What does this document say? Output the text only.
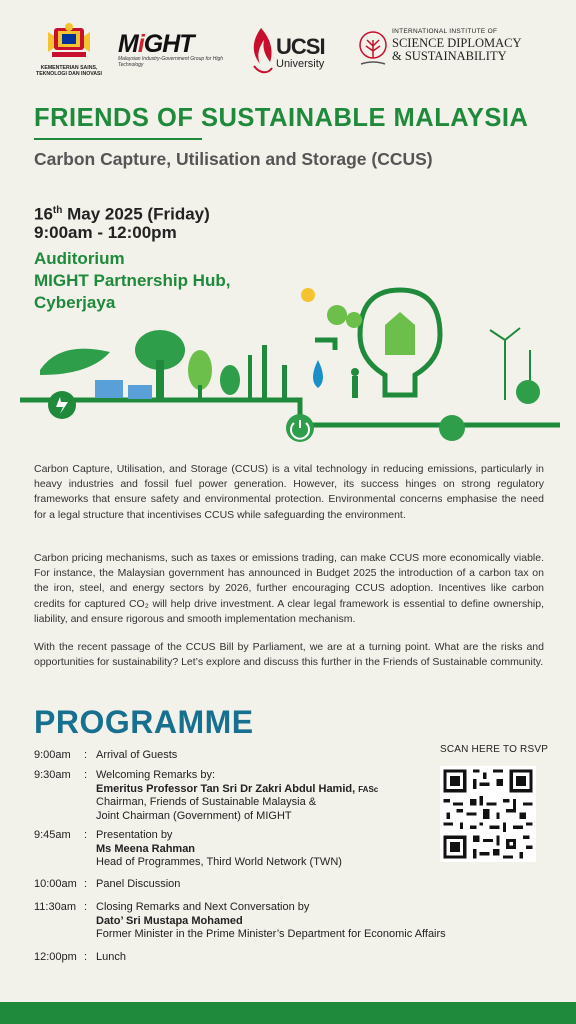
KEMENTERIAN SAINS,
TEKNOLOGI DAN INOVASI
MiGHT
Malaysian Industry-Government Group for High Technology
UCSI
University
INTERNATIONAL INSTITUTE OF
SCIENCE DIPLOMACY
& SUSTAINABILITY
FRIENDS OF SUSTAINABLE MALAYSIA
Carbon Capture, Utilisation and Storage (CCUS)
16th May 2025 (Friday)
9:00am - 12:00pm
Auditorium
MIGHT Partnership Hub,
Cyberjaya

Carbon Capture, Utilisation, and Storage (CCUS) is a vital technology in reducing emissions, particularly in heavy industries and fossil fuel power generation. However, its success hinges on strong regulatory frameworks that ensure safety and environmental protection. Environmental concerns emphasise the need for a legal structure that incentivises CCUS while safeguarding the environment.

Carbon pricing mechanisms, such as taxes or emissions trading, can make CCUS more economically viable. For instance, the Malaysian government has announced in Budget 2025 the introduction of a carbon tax on the iron, steel, and energy sectors by 2026, further encouraging CCUS adoption. Incentives like carbon credits for captured CO₂ will help drive investment. A clear legal framework is essential to define ownership, liability, and ensure rigorous and smooth implementation mechanism.

With the recent passage of the CCUS Bill by Parliament, we are at a turning point. What are the risks and opportunities for sustainability? Let’s explore and discuss this further in the Friends of Sustainable community.

PROGRAMME
9:00am	: Arrival of Guests
9:30am	: Welcoming Remarks by:
Emeritus Professor Tan Sri Dr Zakri Abdul Hamid, FASc
Chairman, Friends of Sustainable Malaysia &
Joint Chairman (Government) of MIGHT
9:45am	: Presentation by
Ms Meena Rahman
Head of Programmes, Third World Network (TWN)
10:00am : Panel Discussion
11:30am : Closing Remarks and Next Conversation by
Dato’ Sri Mustapa Mohamed
Former Minister in the Prime Minister’s Department for Economic Affairs
12:00pm : Lunch
SCAN HERE TO RSVP
